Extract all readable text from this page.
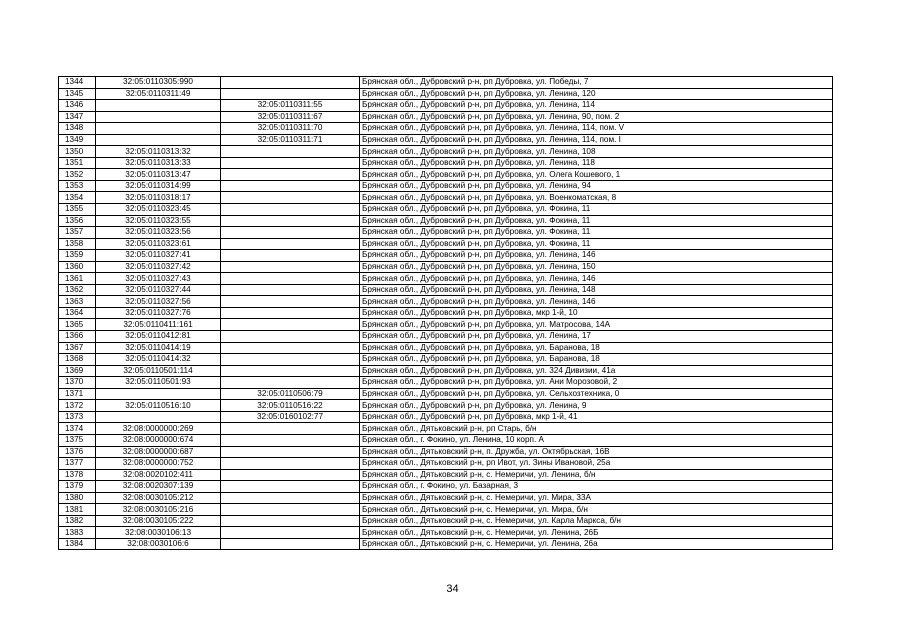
1344	32:05:0110305:990		Брянская обл., Дубровский р-н, рп Дубровка, ул. Победы, 7
1345	32:05:0110311:49		Брянская обл., Дубровский р-н, рп Дубровка, ул. Ленина, 120
1346		32:05:0110311:55	Брянская обл., Дубровский р-н, рп Дубровка, ул. Ленина, 114
1347		32:05:0110311:67	Брянская обл., Дубровский р-н, рп Дубровка, ул. Ленина, 90, пом. 2
1348		32:05:0110311:70	Брянская обл., Дубровский р-н, рп Дубровка, ул. Ленина, 114, пом. V
1349		32:05:0110311:71	Брянская обл., Дубровский р-н, рп Дубровка, ул. Ленина, 114, пом. I
1350	32:05:0110313:32		Брянская обл., Дубровский р-н, рп Дубровка, ул. Ленина, 108
1351	32:05:0110313:33		Брянская обл., Дубровский р-н, рп Дубровка, ул. Ленина, 118
1352	32:05:0110313:47		Брянская обл., Дубровский р-н, рп Дубровка, ул. Олега Кошевого, 1
1353	32:05:0110314:99		Брянская обл., Дубровский р-н, рп Дубровка, ул. Ленина, 94
1354	32:05:0110318:17		Брянская обл., Дубровский р-н, рп Дубровка, ул. Военкоматская, 8
1355	32:05:0110323:45		Брянская обл., Дубровский р-н, рп Дубровка, ул. Фокина, 11
1356	32:05:0110323:55		Брянская обл., Дубровский р-н, рп Дубровка, ул. Фокина, 11
1357	32:05:0110323:56		Брянская обл., Дубровский р-н, рп Дубровка, ул. Фокина, 11
1358	32:05:0110323:61		Брянская обл., Дубровский р-н, рп Дубровка, ул. Фокина, 11
1359	32:05:0110327:41		Брянская обл., Дубровский р-н, рп Дубровка, ул. Ленина, 146
1360	32:05:0110327:42		Брянская обл., Дубровский р-н, рп Дубровка, ул. Ленина, 150
1361	32:05:0110327:43		Брянская обл., Дубровский р-н, рп Дубровка, ул. Ленина, 146
1362	32:05:0110327:44		Брянская обл., Дубровский р-н, рп Дубровка, ул. Ленина, 148
1363	32:05:0110327:56		Брянская обл., Дубровский р-н, рп Дубровка, ул. Ленина, 146
1364	32:05:0110327:76		Брянская обл., Дубровский р-н, рп Дубровка, мкр 1-й, 10
1365	32:05:0110411:161		Брянская обл., Дубровский р-н, рп Дубровка, ул. Матросова, 14А
1366	32:05:0110412:81		Брянская обл., Дубровский р-н, рп Дубровка, ул. Ленина, 17
1367	32:05:0110414:19		Брянская обл., Дубровский р-н, рп Дубровка, ул. Баранова, 18
1368	32:05:0110414:32		Брянская обл., Дубровский р-н, рп Дубровка, ул. Баранова, 18
1369	32:05:0110501:114		Брянская обл., Дубровский р-н, рп Дубровка, ул. 324 Дивизии, 41а
1370	32:05:0110501:93		Брянская обл., Дубровский р-н, рп Дубровка, ул. Ани Морозовой, 2
1371		32:05:0110506:79	Брянская обл., Дубровский р-н, рп Дубровка, ул. Сельхозтехника, 0
1372	32:05:0110516:10	32:05:0110516:22	Брянская обл., Дубровский р-н, рп Дубровка, ул. Ленина, 9
1373		32:05:0160102:77	Брянская обл., Дубровский р-н, рп Дубровка, мкр 1-й, 41
1374	32:08:0000000:269		Брянская обл., Дятьковский р-н, рп Старь, б/н
1375	32:08:0000000:674		Брянская обл., г. Фокино, ул. Ленина, 10 корп. А
1376	32:08:0000000:687		Брянская обл., Дятьковский р-н, п. Дружба, ул. Октябрьская, 16В
1377	32:08:0000000:752		Брянская обл., Дятьковский р-н, рп Ивот, ул. Зины Ивановой, 25а
1378	32:08:0020102:411		Брянская обл., Дятьковский р-н, с. Немеричи, ул. Ленина, б/н
1379	32:08:0020307:139		Брянская обл., г. Фокино, ул. Базарная, 3
1380	32:08:0030105:212		Брянская обл., Дятьковский р-н, с. Немеричи, ул. Мира, 33А
1381	32:08:0030105:216		Брянская обл., Дятьковский р-н, с. Немеричи, ул. Мира, б/н
1382	32:08:0030105:222		Брянская обл., Дятьковский р-н, с. Немеричи, ул. Карла Маркса, б/н
1383	32:08:0030106:13		Брянская обл., Дятьковский р-н, с. Немеричи, ул. Ленина, 26Б
1384	32:08:0030106:6		Брянская обл., Дятьковский р-н, с. Немеричи, ул. Ленина, 26а
34
